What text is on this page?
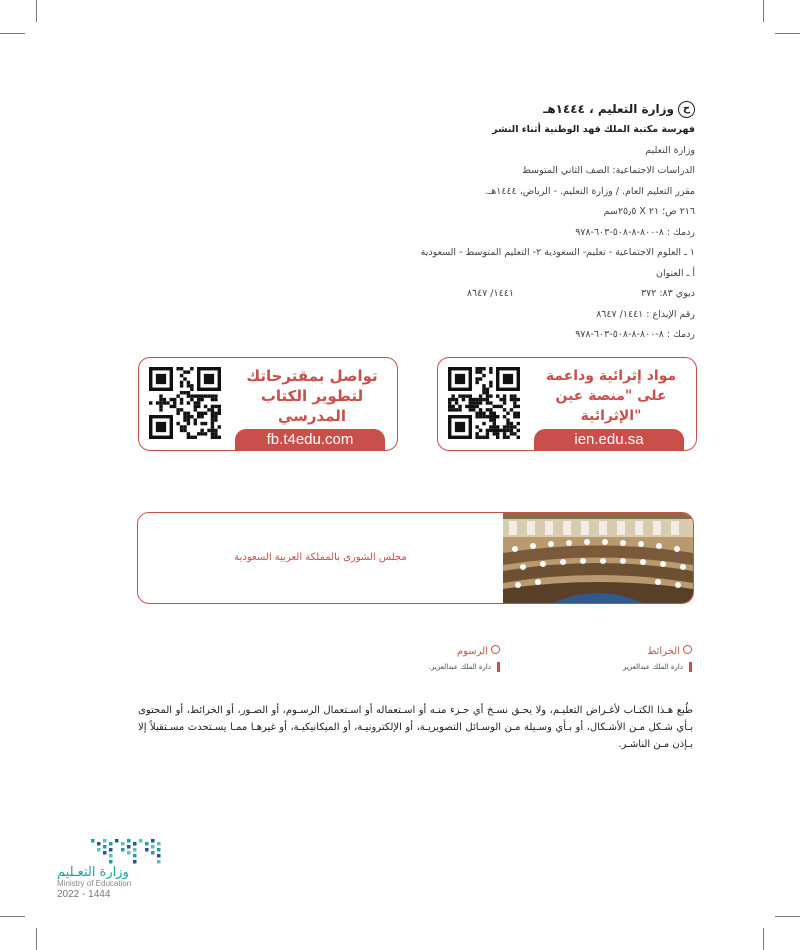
ح
وزارة التعليم ، ١٤٤٤هـ
فهرسة مكتبة الملك فهد الوطنية أثناء النشر
وزارة التعليم
الدراسات الاجتماعية: الصف الثاني المتوسط
مقرر التعليم العام. / وزارة التعليم. - الرياض، ١٤٤٤هـ.
٢١٦ ص؛ ٢١ X ٢٥٫٥سم
ردمك : ٨-٨٠٠-٨-٥٠٨-٦٠٣-٩٧٨
١ ـ العلوم الاجتماعية - تعليم- السعودية ٢- التعليم المتوسط - السعودية
أ ـ العنوان
ديوي ٨٣: ٣٧٢  ١٤٤١/ ٨٦٤٧
رقم الإيداع : ١٤٤١/ ٨٦٤٧
ردمك : ٨-٨٠٠-٨-٥٠٨-٦٠٣-٩٧٨
تواصل بمقترحاتك لتطوير الكتاب المدرسي
fb.t4edu.com
مواد إثرائية وداعمة على "منصة عين الإثرائية"
ien.edu.sa
مجلس الشورى بالمملكة العربية السعودية
الخرائط
دارة الملك عبدالعزيز
الرسوم
دارة الملك عبدالعزيز.
طُبع هـذا الكتـاب لأغـراض التعليـم، ولا يحـق نسـخ أي جـزء منـه أو اسـتعماله أو اسـتعمال الرسـوم، أو الصـور، أو الخرائط، أو المحتوى بـأي شـكل مـن الأشـكال، أو بـأي وسـيلة مـن الوسـائل التصويريـة، أو الإلكترونيـة، أو الميكانيكيـة، أو غيرهـا ممـا يسـتحدث مسـتقبلاً إلا بـإذن مـن الناشـر.
وزارة التعـليم
Ministry of Education
2022 - 1444
